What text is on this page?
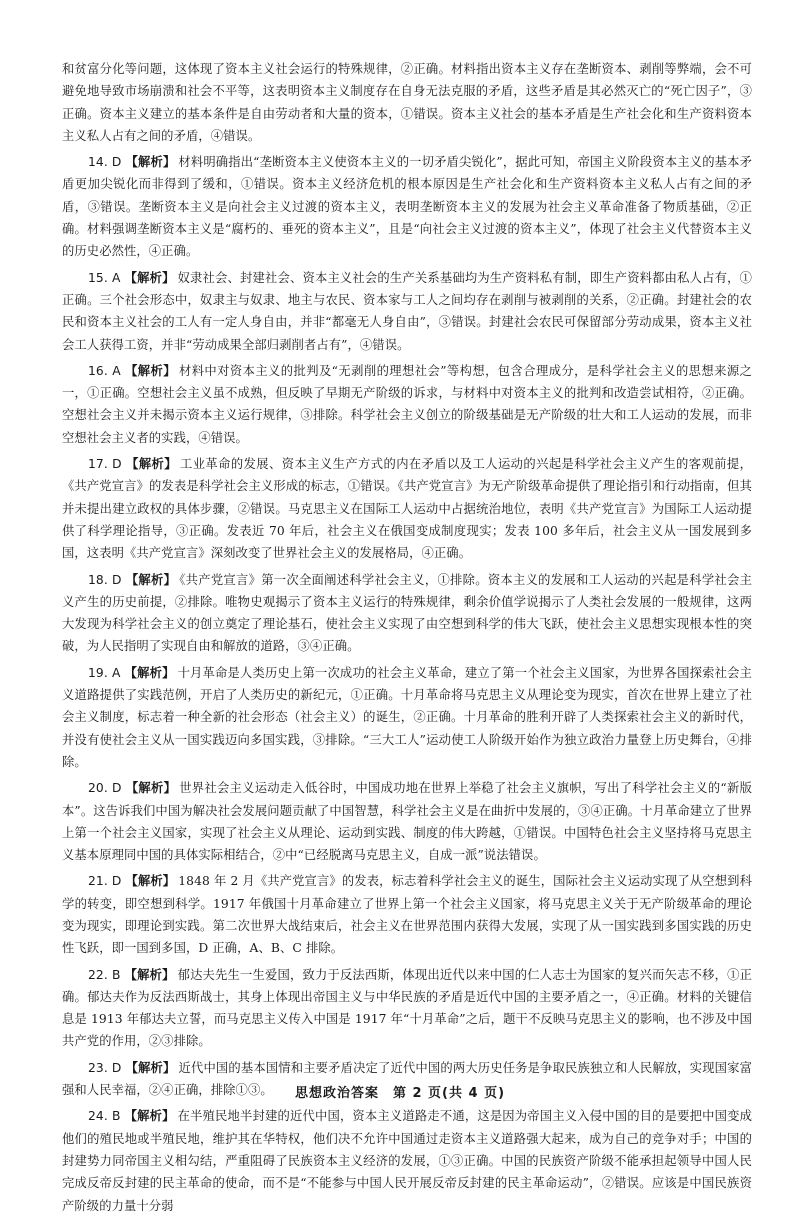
和贫富分化等问题，这体现了资本主义社会运行的特殊规律，②正确。材料指出资本主义存在垄断资本、剥削等弊端，会不可避免地导致市场崩溃和社会不平等，这表明资本主义制度存在自身无法克服的矛盾，这些矛盾是其必然灭亡的“死亡因子”，③正确。资本主义建立的基本条件是自由劳动者和大量的资本，①错误。资本主义社会的基本矛盾是生产社会化和生产资料资本主义私人占有之间的矛盾，④错误。

14. D 【解析】 材料明确指出“垄断资本主义使资本主义的一切矛盾尖锐化”，据此可知，帝国主义阶段资本主义的基本矛盾更加尖锐化而非得到了缓和，①错误。资本主义经济危机的根本原因是生产社会化和生产资料资本主义私人占有之间的矛盾，③错误。垄断资本主义是向社会主义过渡的资本主义，表明垄断资本主义的发展为社会主义革命准备了物质基础，②正确。材料强调垄断资本主义是“腐朽的、垂死的资本主义”，且是“向社会主义过渡的资本主义”，体现了社会主义代替资本主义的历史必然性，④正确。

15. A 【解析】 奴隶社会、封建社会、资本主义社会的生产关系基础均为生产资料私有制，即生产资料都由私人占有，①正确。三个社会形态中，奴隶主与奴隶、地主与农民、资本家与工人之间均存在剥削与被剥削的关系，②正确。封建社会的农民和资本主义社会的工人有一定人身自由，并非“都毫无人身自由”，③错误。封建社会农民可保留部分劳动成果，资本主义社会工人获得工资，并非“劳动成果全部归剥削者占有”，④错误。

16. A 【解析】 材料中对资本主义的批判及“无剥削的理想社会”等构想，包含合理成分，是科学社会主义的思想来源之一，①正确。空想社会主义虽不成熟，但反映了早期无产阶级的诉求，与材料中对资本主义的批判和改造尝试相符，②正确。空想社会主义并未揭示资本主义运行规律，③排除。科学社会主义创立的阶级基础是无产阶级的壮大和工人运动的发展，而非空想社会主义者的实践，④错误。

17. D 【解析】 工业革命的发展、资本主义生产方式的内在矛盾以及工人运动的兴起是科学社会主义产生的客观前提，《共产党宣言》的发表是科学社会主义形成的标志，①错误。《共产党宣言》为无产阶级革命提供了理论指引和行动指南，但其并未提出建立政权的具体步骤，②错误。马克思主义在国际工人运动中占据统治地位，表明《共产党宣言》为国际工人运动提供了科学理论指导，③正确。发表近 70 年后，社会主义在俄国变成制度现实；发表 100 多年后，社会主义从一国发展到多国，这表明《共产党宣言》深刻改变了世界社会主义的发展格局，④正确。

18. D 【解析】 《共产党宣言》第一次全面阐述科学社会主义，①排除。资本主义的发展和工人运动的兴起是科学社会主义产生的历史前提，②排除。唯物史观揭示了资本主义运行的特殊规律，剩余价值学说揭示了人类社会发展的一般规律，这两大发现为科学社会主义的创立奠定了理论基石，使社会主义实现了由空想到科学的伟大飞跃，使社会主义思想实现根本性的突破，为人民指明了实现自由和解放的道路，③④正确。

19. A 【解析】 十月革命是人类历史上第一次成功的社会主义革命，建立了第一个社会主义国家，为世界各国探索社会主义道路提供了实践范例，开启了人类历史的新纪元，①正确。十月革命将马克思主义从理论变为现实，首次在世界上建立了社会主义制度，标志着一种全新的社会形态（社会主义）的诞生，②正确。十月革命的胜利开辟了人类探索社会主义的新时代，并没有使社会主义从一国实践迈向多国实践，③排除。“三大工人”运动使工人阶级开始作为独立政治力量登上历史舞台，④排除。

20. D 【解析】 世界社会主义运动走入低谷时，中国成功地在世界上举稳了社会主义旗帜，写出了科学社会主义的“新版本”。这告诉我们中国为解决社会发展问题贡献了中国智慧，科学社会主义是在曲折中发展的，③④正确。十月革命建立了世界上第一个社会主义国家，实现了社会主义从理论、运动到实践、制度的伟大跨越，①错误。中国特色社会主义坚持将马克思主义基本原理同中国的具体实际相结合，②中“已经脱离马克思主义，自成一派”说法错误。

21. D 【解析】 1848 年 2 月《共产党宣言》的发表，标志着科学社会主义的诞生，国际社会主义运动实现了从空想到科学的转变，即空想到科学。1917 年俄国十月革命建立了世界上第一个社会主义国家，将马克思主义关于无产阶级革命的理论变为现实，即理论到实践。第二次世界大战结束后，社会主义在世界范围内获得大发展，实现了从一国实践到多国实践的历史性飞跃，即一国到多国，D 正确，A、B、C 排除。

22. B 【解析】 郁达夫先生一生爱国，致力于反法西斯，体现出近代以来中国的仁人志士为国家的复兴而矢志不移，①正确。郁达夫作为反法西斯战士，其身上体现出帝国主义与中华民族的矛盾是近代中国的主要矛盾之一，④正确。材料的关键信息是 1913 年郁达夫立誓，而马克思主义传入中国是 1917 年“十月革命”之后，题干不反映马克思主义的影响，也不涉及中国共产党的作用，②③排除。

23. D 【解析】 近代中国的基本国情和主要矛盾决定了近代中国的两大历史任务是争取民族独立和人民解放，实现国家富强和人民幸福，②④正确，排除①③。

24. B 【解析】 在半殖民地半封建的近代中国，资本主义道路走不通，这是因为帝国主义入侵中国的目的是要把中国变成他们的殖民地或半殖民地，维护其在华特权，他们决不允许中国通过走资本主义道路强大起来，成为自己的竞争对手；中国的封建势力同帝国主义相勾结，严重阻碍了民族资本主义经济的发展，①③正确。中国的民族资产阶级不能承担起领导中国人民完成反帝反封建的民主革命的使命，而不是“不能参与中国人民开展反帝反封建的民主革命运动”，②错误。应该是中国民族资产阶级的力量十分弱

思想政治答案　第 2 页(共 4 页)
